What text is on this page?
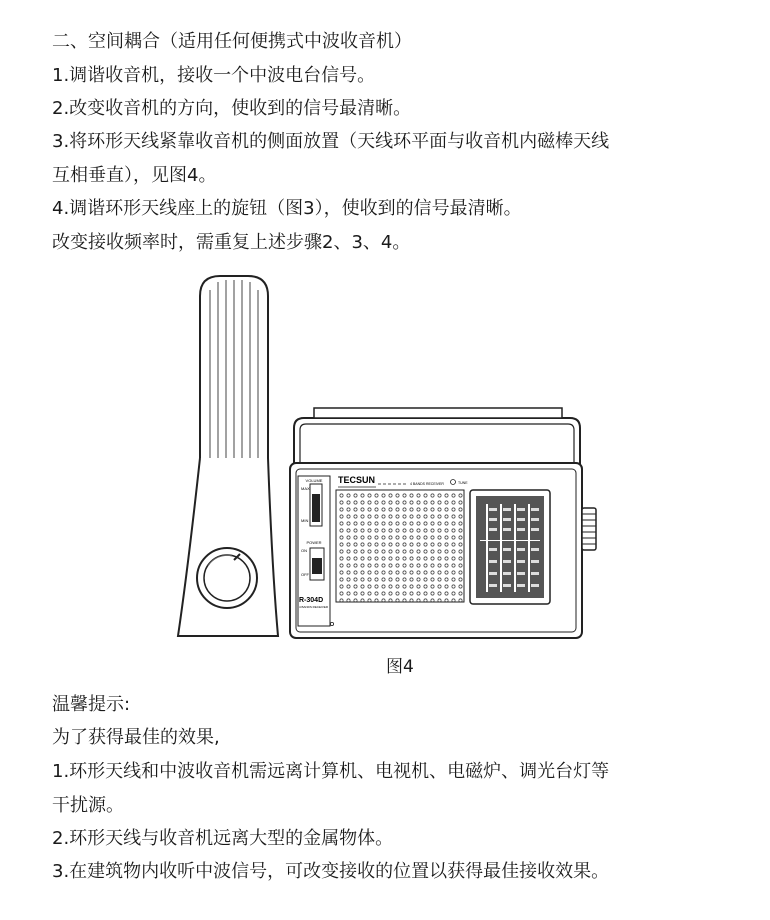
二、空间耦合（适用任何便携式中波收音机）
1.调谐收音机，接收一个中波电台信号。
2.改变收音机的方向，使收到的信号最清晰。
3.将环形天线紧靠收音机的侧面放置（天线环平面与收音机内磁棒天线
互相垂直），见图4。
4.调谐环形天线座上的旋钮（图3），使收到的信号最清晰。
改变接收频率时，需重复上述步骤2、3、4。
VOLUME
MAX
MIN
POWER
ON
OFF
R-304D
4 BANDS RECEIVER
TECSUN	4 BANDS RECEIVER	TUNE
图4
温馨提示:
为了获得最佳的效果,
1.环形天线和中波收音机需远离计算机、电视机、电磁炉、调光台灯等
干扰源。
2.环形天线与收音机远离大型的金属物体。
3.在建筑物内收听中波信号，可改变接收的位置以获得最佳接收效果。
